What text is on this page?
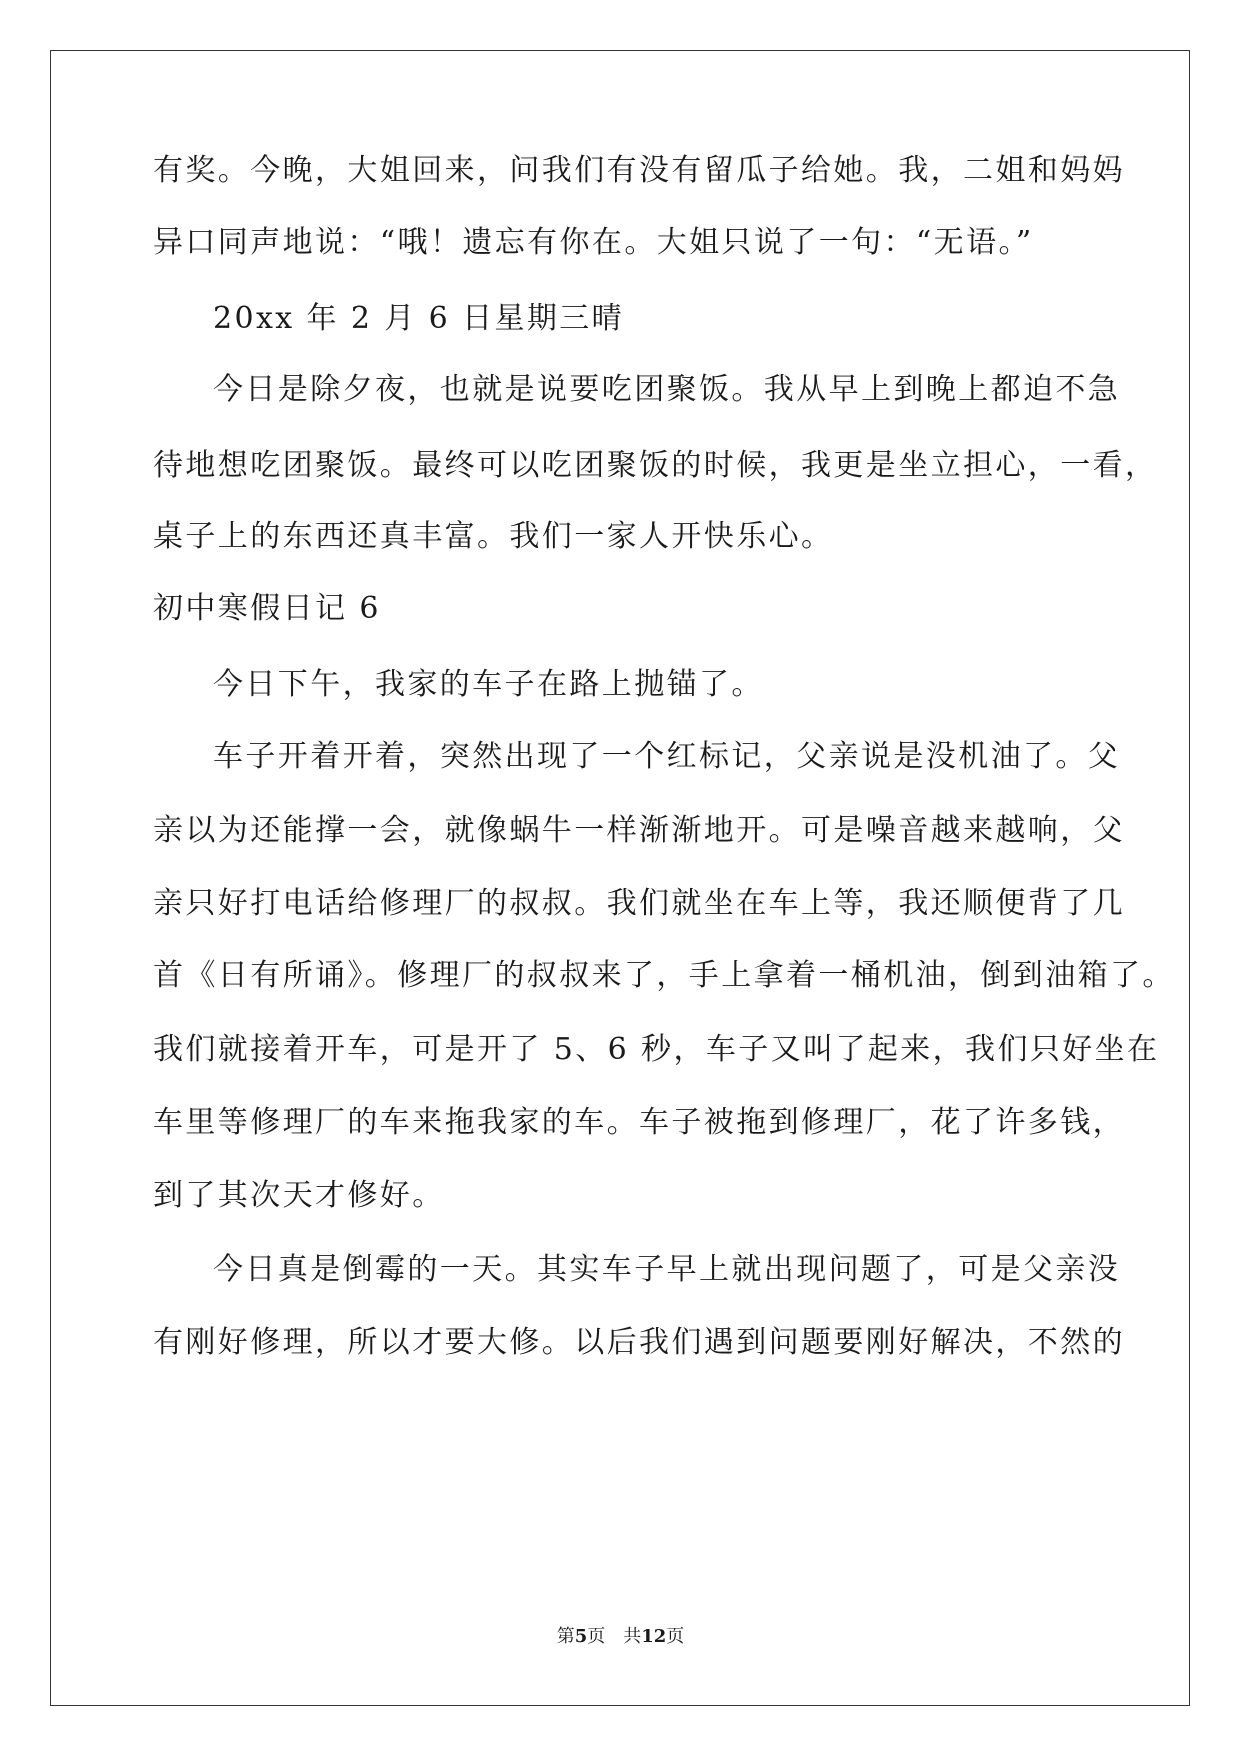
有奖。今晚，大姐回来，问我们有没有留瓜子给她。我，二姐和妈妈
异口同声地说：“哦！遗忘有你在。大姐只说了一句：“无语。”
20xx 年 2 月 6 日星期三晴
今日是除夕夜，也就是说要吃团聚饭。我从早上到晚上都迫不急
待地想吃团聚饭。最终可以吃团聚饭的时候，我更是坐立担心，一看，
桌子上的东西还真丰富。我们一家人开快乐心。
初中寒假日记 6
今日下午，我家的车子在路上抛锚了。
车子开着开着，突然出现了一个红标记，父亲说是没机油了。父
亲以为还能撑一会，就像蜗牛一样渐渐地开。可是噪音越来越响，父
亲只好打电话给修理厂的叔叔。我们就坐在车上等，我还顺便背了几
首《日有所诵》。修理厂的叔叔来了，手上拿着一桶机油，倒到油箱了。
我们就接着开车，可是开了 5、6 秒，车子又叫了起来，我们只好坐在
车里等修理厂的车来拖我家的车。车子被拖到修理厂，花了许多钱，
到了其次天才修好。
今日真是倒霉的一天。其实车子早上就出现问题了，可是父亲没
有刚好修理，所以才要大修。以后我们遇到问题要刚好解决，不然的
第5页 共12页
